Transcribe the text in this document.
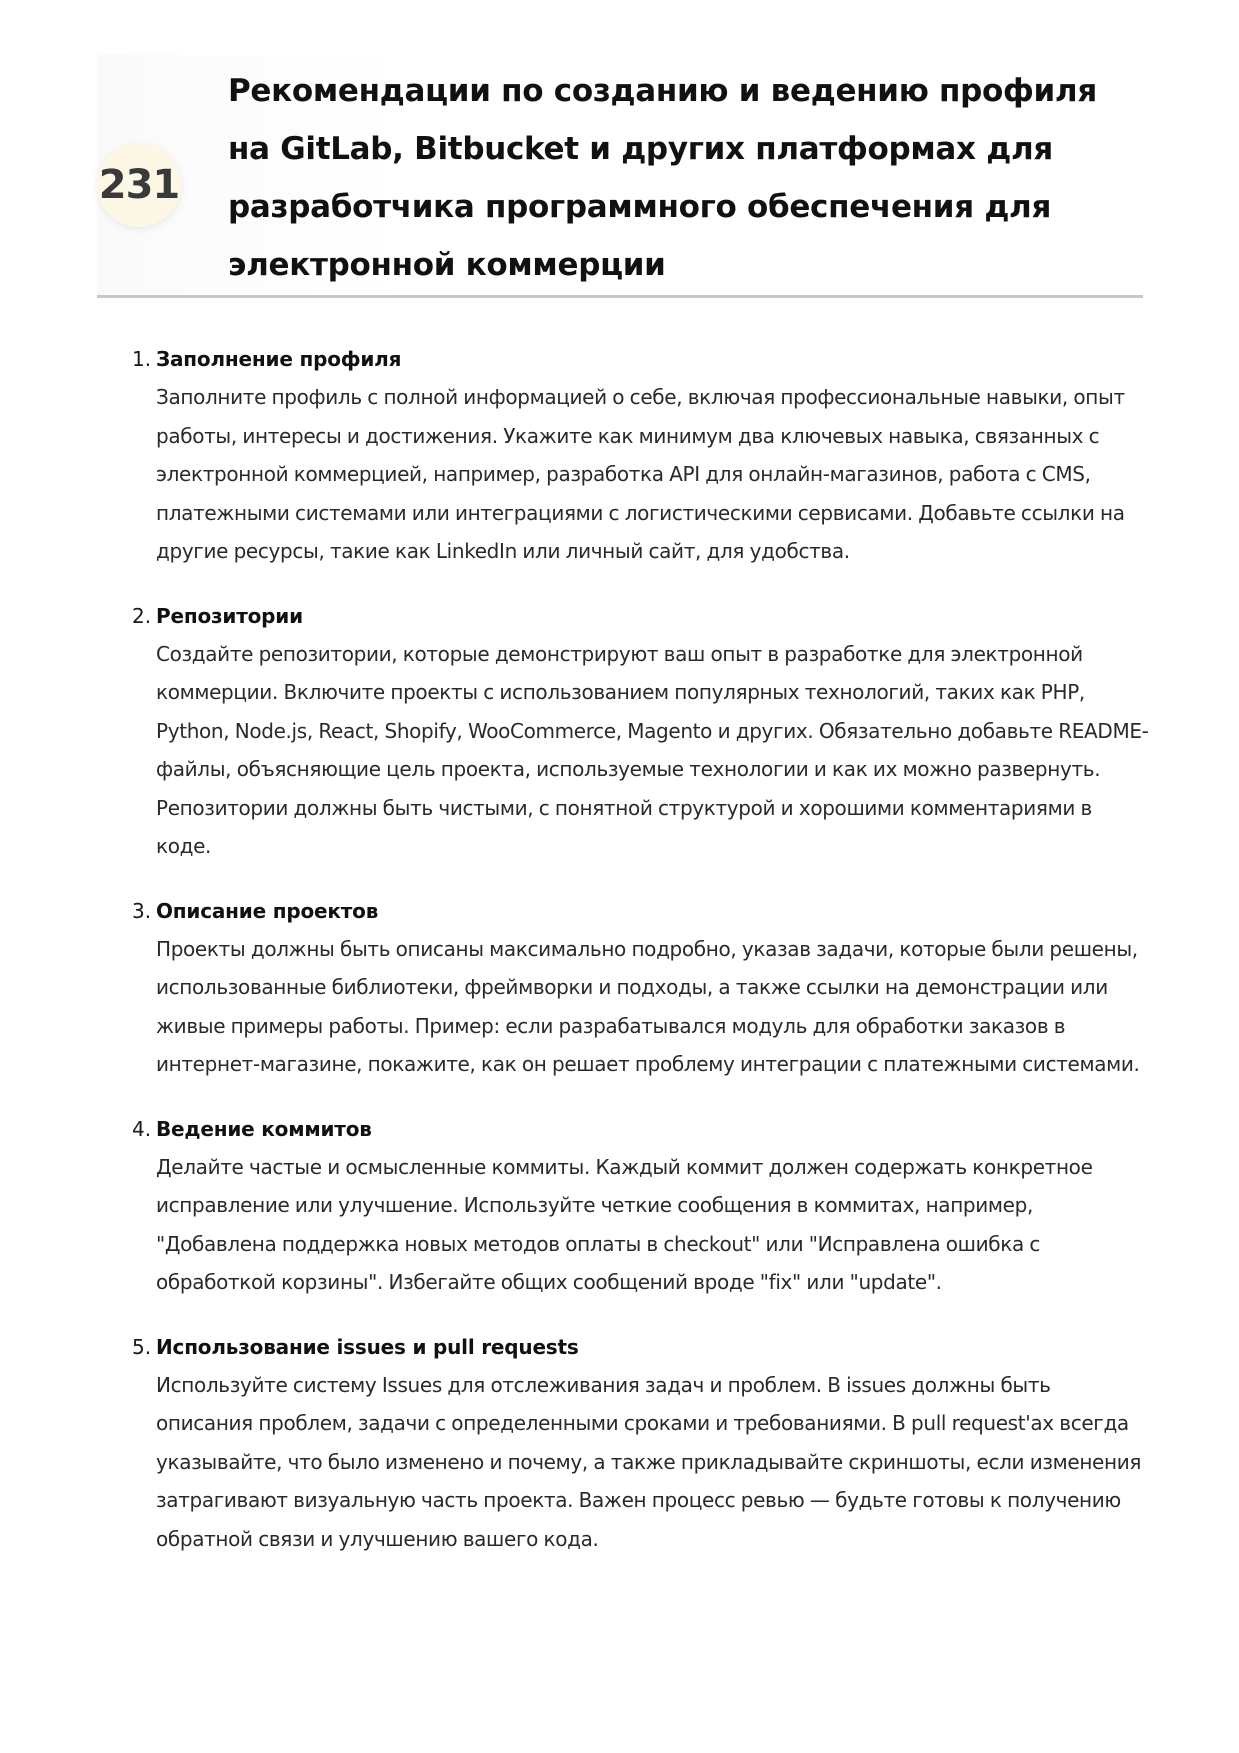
231
Рекомендации по созданию и ведению профиля на GitLab, Bitbucket и других платформах для разработчика программного обеспечения для электронной коммерции
1. Заполнение профиля
Заполните профиль с полной информацией о себе, включая профессиональные навыки, опыт работы, интересы и достижения. Укажите как минимум два ключевых навыка, связанных с электронной коммерцией, например, разработка API для онлайн-магазинов, работа с CMS, платежными системами или интеграциями с логистическими сервисами. Добавьте ссылки на другие ресурсы, такие как LinkedIn или личный сайт, для удобства.
2. Репозитории
Создайте репозитории, которые демонстрируют ваш опыт в разработке для электронной коммерции. Включите проекты с использованием популярных технологий, таких как PHP, Python, Node.js, React, Shopify, WooCommerce, Magento и других. Обязательно добавьте README-файлы, объясняющие цель проекта, используемые технологии и как их можно развернуть. Репозитории должны быть чистыми, с понятной структурой и хорошими комментариями в коде.
3. Описание проектов
Проекты должны быть описаны максимально подробно, указав задачи, которые были решены, использованные библиотеки, фреймворки и подходы, а также ссылки на демонстрации или живые примеры работы. Пример: если разрабатывался модуль для обработки заказов в интернет-магазине, покажите, как он решает проблему интеграции с платежными системами.
4. Ведение коммитов
Делайте частые и осмысленные коммиты. Каждый коммит должен содержать конкретное исправление или улучшение. Используйте четкие сообщения в коммитах, например, "Добавлена поддержка новых методов оплаты в checkout" или "Исправлена ошибка с обработкой корзины". Избегайте общих сообщений вроде "fix" или "update".
5. Использование issues и pull requests
Используйте систему Issues для отслеживания задач и проблем. В issues должны быть описания проблем, задачи с определенными сроками и требованиями. В pull request'ах всегда указывайте, что было изменено и почему, а также прикладывайте скриншоты, если изменения затрагивают визуальную часть проекта. Важен процесс ревью — будьте готовы к получению обратной связи и улучшению вашего кода.
